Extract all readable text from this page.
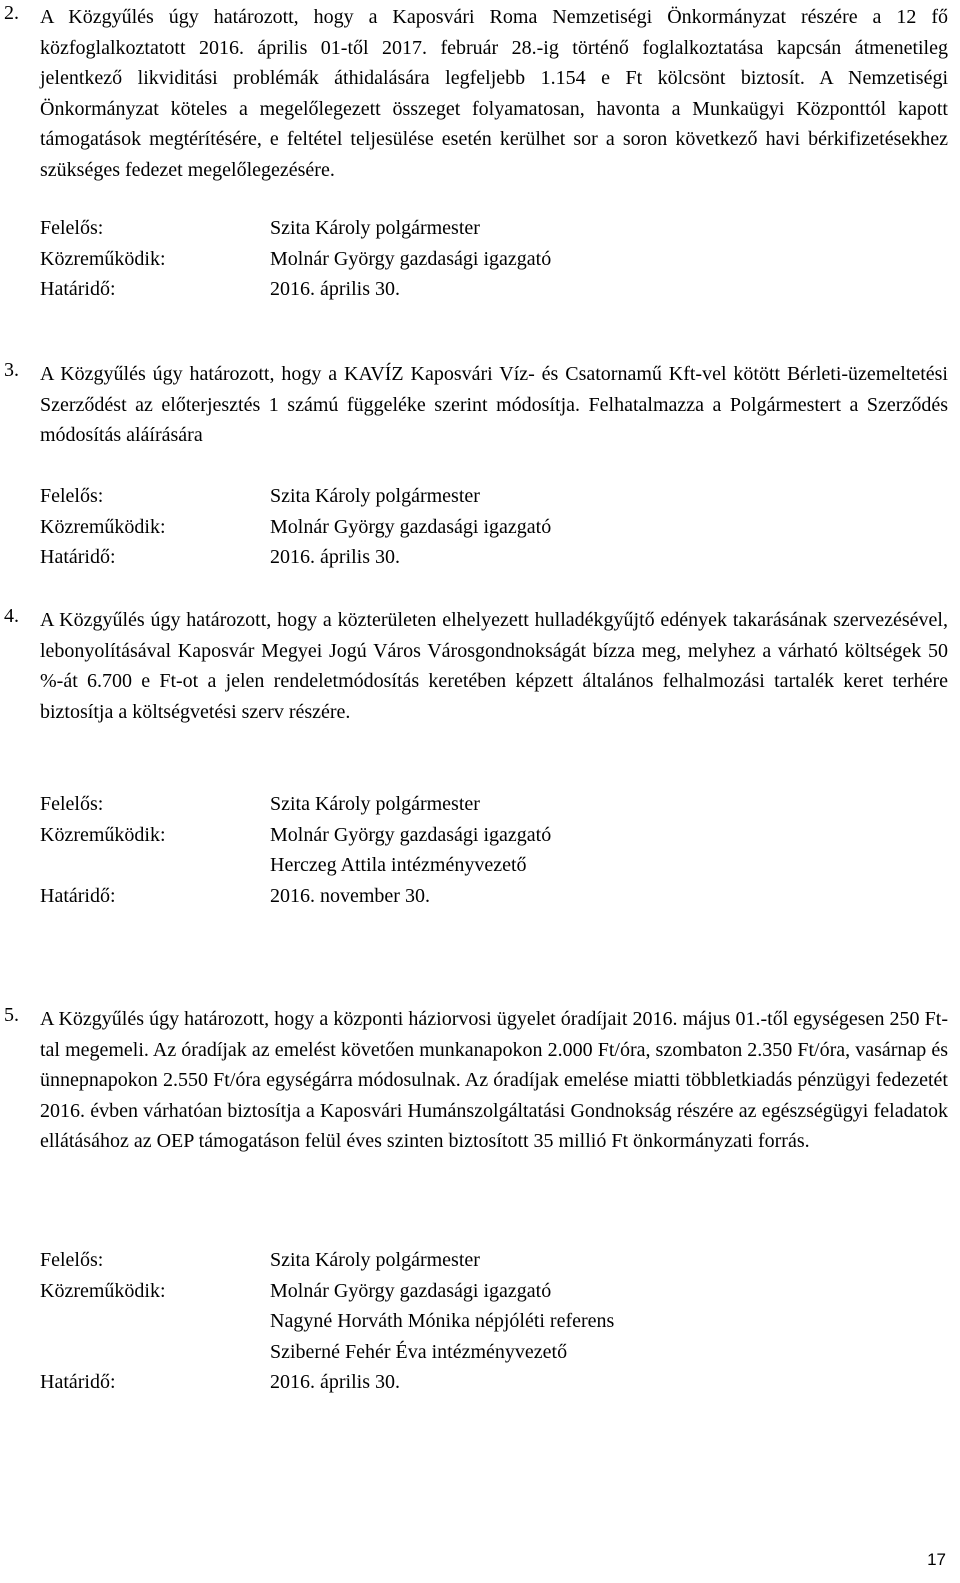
2. A Közgyűlés úgy határozott, hogy a Kaposvári Roma Nemzetiségi Önkormányzat részére a 12 fő közfoglalkoztatott 2016. április 01-től 2017. február 28.-ig történő foglalkoztatása kapcsán átmenetileg jelentkező likviditási problémák áthidalására legfeljebb 1.154 e Ft kölcsönt biztosít. A Nemzetiségi Önkormányzat köteles a megelőlegezett összeget folyamatosan, havonta a Munkaügyi Központtól kapott támogatások megtérítésére, e feltétel teljesülése esetén kerülhet sor a soron következő havi bérkifizetésekhez szükséges fedezet megelőlegezésére.
Felelős:	Szita Károly polgármester
Közreműködik:	Molnár György gazdasági igazgató
Határidő:	2016. április 30.
3. A Közgyűlés úgy határozott, hogy a KAVÍZ Kaposvári Víz- és Csatornamű Kft-vel kötött Bérleti-üzemeltetési Szerződést az előterjesztés 1 számú függeléke szerint módosítja. Felhatalmazza a Polgármestert a Szerződés módosítás aláírására
Felelős:	Szita Károly polgármester
Közreműködik:	Molnár György gazdasági igazgató
Határidő:	2016. április 30.
4. A Közgyűlés úgy határozott, hogy a közterületen elhelyezett hulladékgyűjtő edények takarásának szervezésével, lebonyolításával Kaposvár Megyei Jogú Város Városgondnokságát bízza meg, melyhez a várható költségek 50 %-át 6.700 e Ft-ot a jelen rendeletmódosítás keretében képzett általános felhalmozási tartalék keret terhére biztosítja a költségvetési szerv részére.
Felelős:	Szita Károly polgármester
Közreműködik:	Molnár György gazdasági igazgató
Herczeg Attila intézményvezető
Határidő:	2016. november 30.
5. A Közgyűlés úgy határozott, hogy a központi háziorvosi ügyelet óradíjait 2016. május 01.-től egységesen 250 Ft-tal megemeli. Az óradíjak az emelést követően munkanapokon 2.000 Ft/óra, szombaton 2.350 Ft/óra, vasárnap és ünnepnapokon 2.550 Ft/óra egységárra módosulnak. Az óradíjak emelése miatti többletkiadás pénzügyi fedezetét 2016. évben várhatóan biztosítja a Kaposvári Humánszolgáltatási Gondnokság részére az egészségügyi feladatok ellátásához az OEP támogatáson felül éves szinten biztosított 35 millió Ft önkormányzati forrás.
Felelős:	Szita Károly polgármester
Közreműködik:	Molnár György gazdasági igazgató
Nagyné Horváth Mónika népjóléti referens
Sziberné Fehér Éva intézményvezető
Határidő:	2016. április 30.
17
